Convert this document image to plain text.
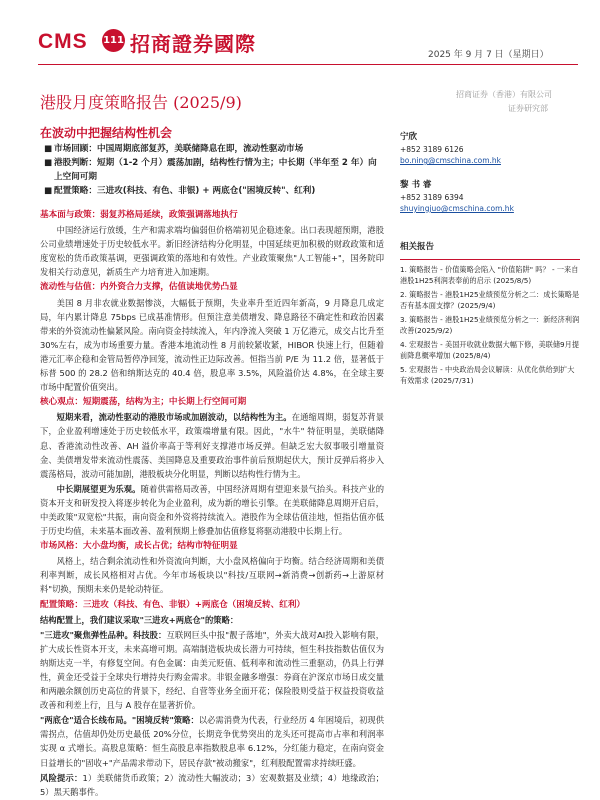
CMS 111 招商證券國際	2025 年 9 月 7 日（星期日）
港股月度策略报告 (2025/9)	招商证券（香港）有限公司
证券研究部
在波动中把握结构性机会
■ 市场回顾：中国周期底部复苏，美联储降息在即，流动性驱动市场
■ 港股判断：短期（1-2 个月）震荡加剧，结构性行情为主；中长期（半年至 2 年）向上空间可期
■ 配置策略：三进攻(科技、有色、非银) + 两底仓("困境反转"、红利)
基本面与政策：弱复苏格局延续，政策强调落地执行

中国经济运行放缓，生产和需求端均偏弱但价格端初见企稳迹象。出口表现超预期，港股公司业绩增速处于历史较低水平。新旧经济结构分化明显，中国延续更加积极的财政政策和适度宽松的货币政策基调，更强调政策的落地和有效性。产业政策聚焦"人工智能+"，国务院印发相关行动意见，新质生产力培育进入加速期。

流动性与估值：内外资合力支撑，估值读地优势凸显

美国 8 月非农就业数据惨淡，大幅低于预期，失业率升至近四年新高，9 月降息几成定局，年内累计降息 75bps 已成基准情形。但预注意美债增发、降息路径不确定性和政治因素带来的外资流动性偏紧风险。南向资金持续流入，年内净流入突破 1 万亿港元，成交占比升至 30%左右，成为市场重要力量。香港本地流动性 8 月前较紧收紧，HIBOR 快速上行，但随着港元汇率企稳和金管局暂停净回笼，流动性正边际改善。恒指当前 P/E 为 11.2 倍，显著低于标普 500 的 28.2 倍和纳斯达克的 40.4 倍，股息率 3.5%，风险溢价达 4.8%，在全球主要市场中配置价值突出。

核心观点：短期震荡，结构为主；中长期上行空间可期

短期来看，流动性驱动的港股市场或加剧波动，以结构性为主。在通缩周期，弱复苏背景下，企业盈利增速处于历史较低水平，政策端增量有限。因此，"水牛" 特征明显，美联储降息、香港流动性改善、AH 溢价率高于等利好支撑港市场反弹。但缺乏宏大叙事吸引增量资金、美债增发带来流动性震荡、美国降息及重要政治事件前后预期起伏大，预计反弹后将步入震荡格局，波动可能加剧，港股板块分化明显，判断以结构性行情为主。

中长期展望更为乐观。随着供需格局改善，中国经济周期有望迎来景气抬头。科技产业的资本开支和研发投入将逐步转化为企业盈利，成为新的增长引擎。在美联储降息周期开启后，中美政策"双宽松"共振，南向资金和外资将持续流入。港股作为全球估值洼地，恒指估值亦低于历史均值，未来基本面改善、盈利预期上修叠加估值修复将驱动港股中长期上行。

市场风格：大小盘均衡，成长占优；结构市特征明显

风格上，结合剩余流动性和外资流向判断，大小盘风格偏向于均衡。结合经济周期和美债利率判断，成长风格相对占优。今年市场板块以"科技/互联网→新消费→创新药→上游原材料"切换，预期未来仍是轮动特征。

配置策略：三进攻（科技、有色、非银）+两底仓（困境反转、红利）

结构配置上，我们建议采取"三进攻+两底仓"的策略：

"三进攻"聚焦弹性品种。科技股：互联网巨头中报"靓子落地"，外卖大战对AI投入影响有限，扩大成长性资本开支，未来高增可期。高端制造板块成长潜力可持续，恒生科技指数估值仅为纳斯达克一半，有修复空间。有色金属：由美元贬值、低利率和流动性三重驱动，仍具上行弹性，黄金还受益于全球央行增持央行购金需求。非银金融多增强：券商在沪深京市场日成交量和两融余额创历史高位的背景下，经纪、自营等业务全面开花；保险股则受益于权益投资收益改善和利差上行，且与 A 股存在显著折价。

"两底仓"适合长线布局。"困境反转"策略：以必需消费为代表，行业经历 4 年困境后，初现供需拐点，估值却仍处历史最低 20%分位，长期竞争优势突出的龙头还可提高市占率和利润率实现 α 式增长。高股息策略：恒生高股息率指数股息率 6.12%，分红能力稳定，在南向资金日益增长的"固收+"产品需求带动下，居民存款"被动搬家"，红利股配置需求持续旺盛。

风险提示：1）美联储货币政策；2）流动性大幅波动；3）宏观数据及业绩；4）地缘政治；5）黑天鹅事件。

宁欣
+852 3189 6126
bo.ning@cmschina.com.hk
黎 书 睿
+852 3189 6394
shuyingjuo@cmschina.com.hk
相关报告

1. 策略报告 - 价值策略会陷入 "价值陷阱" 吗？ - 一来自港股1H25利润表奉前的启示 (2025/8/5)

2. 策略报告 - 港股1H25业绩预览分析之二：成长策略是否有基本面支撑？(2025/9/4)

3. 策略报告 - 港股1H25业绩预览分析之一：新经济利润改善(2025/9/2)

4. 宏观报告 - 美国开收就业数据大幅下修，美联储9月提前降息概率增加 (2025/8/4)

5. 宏观报告 - 中央政治局会议解读：从优化供给到扩大有效需求 (2025/7/31)
